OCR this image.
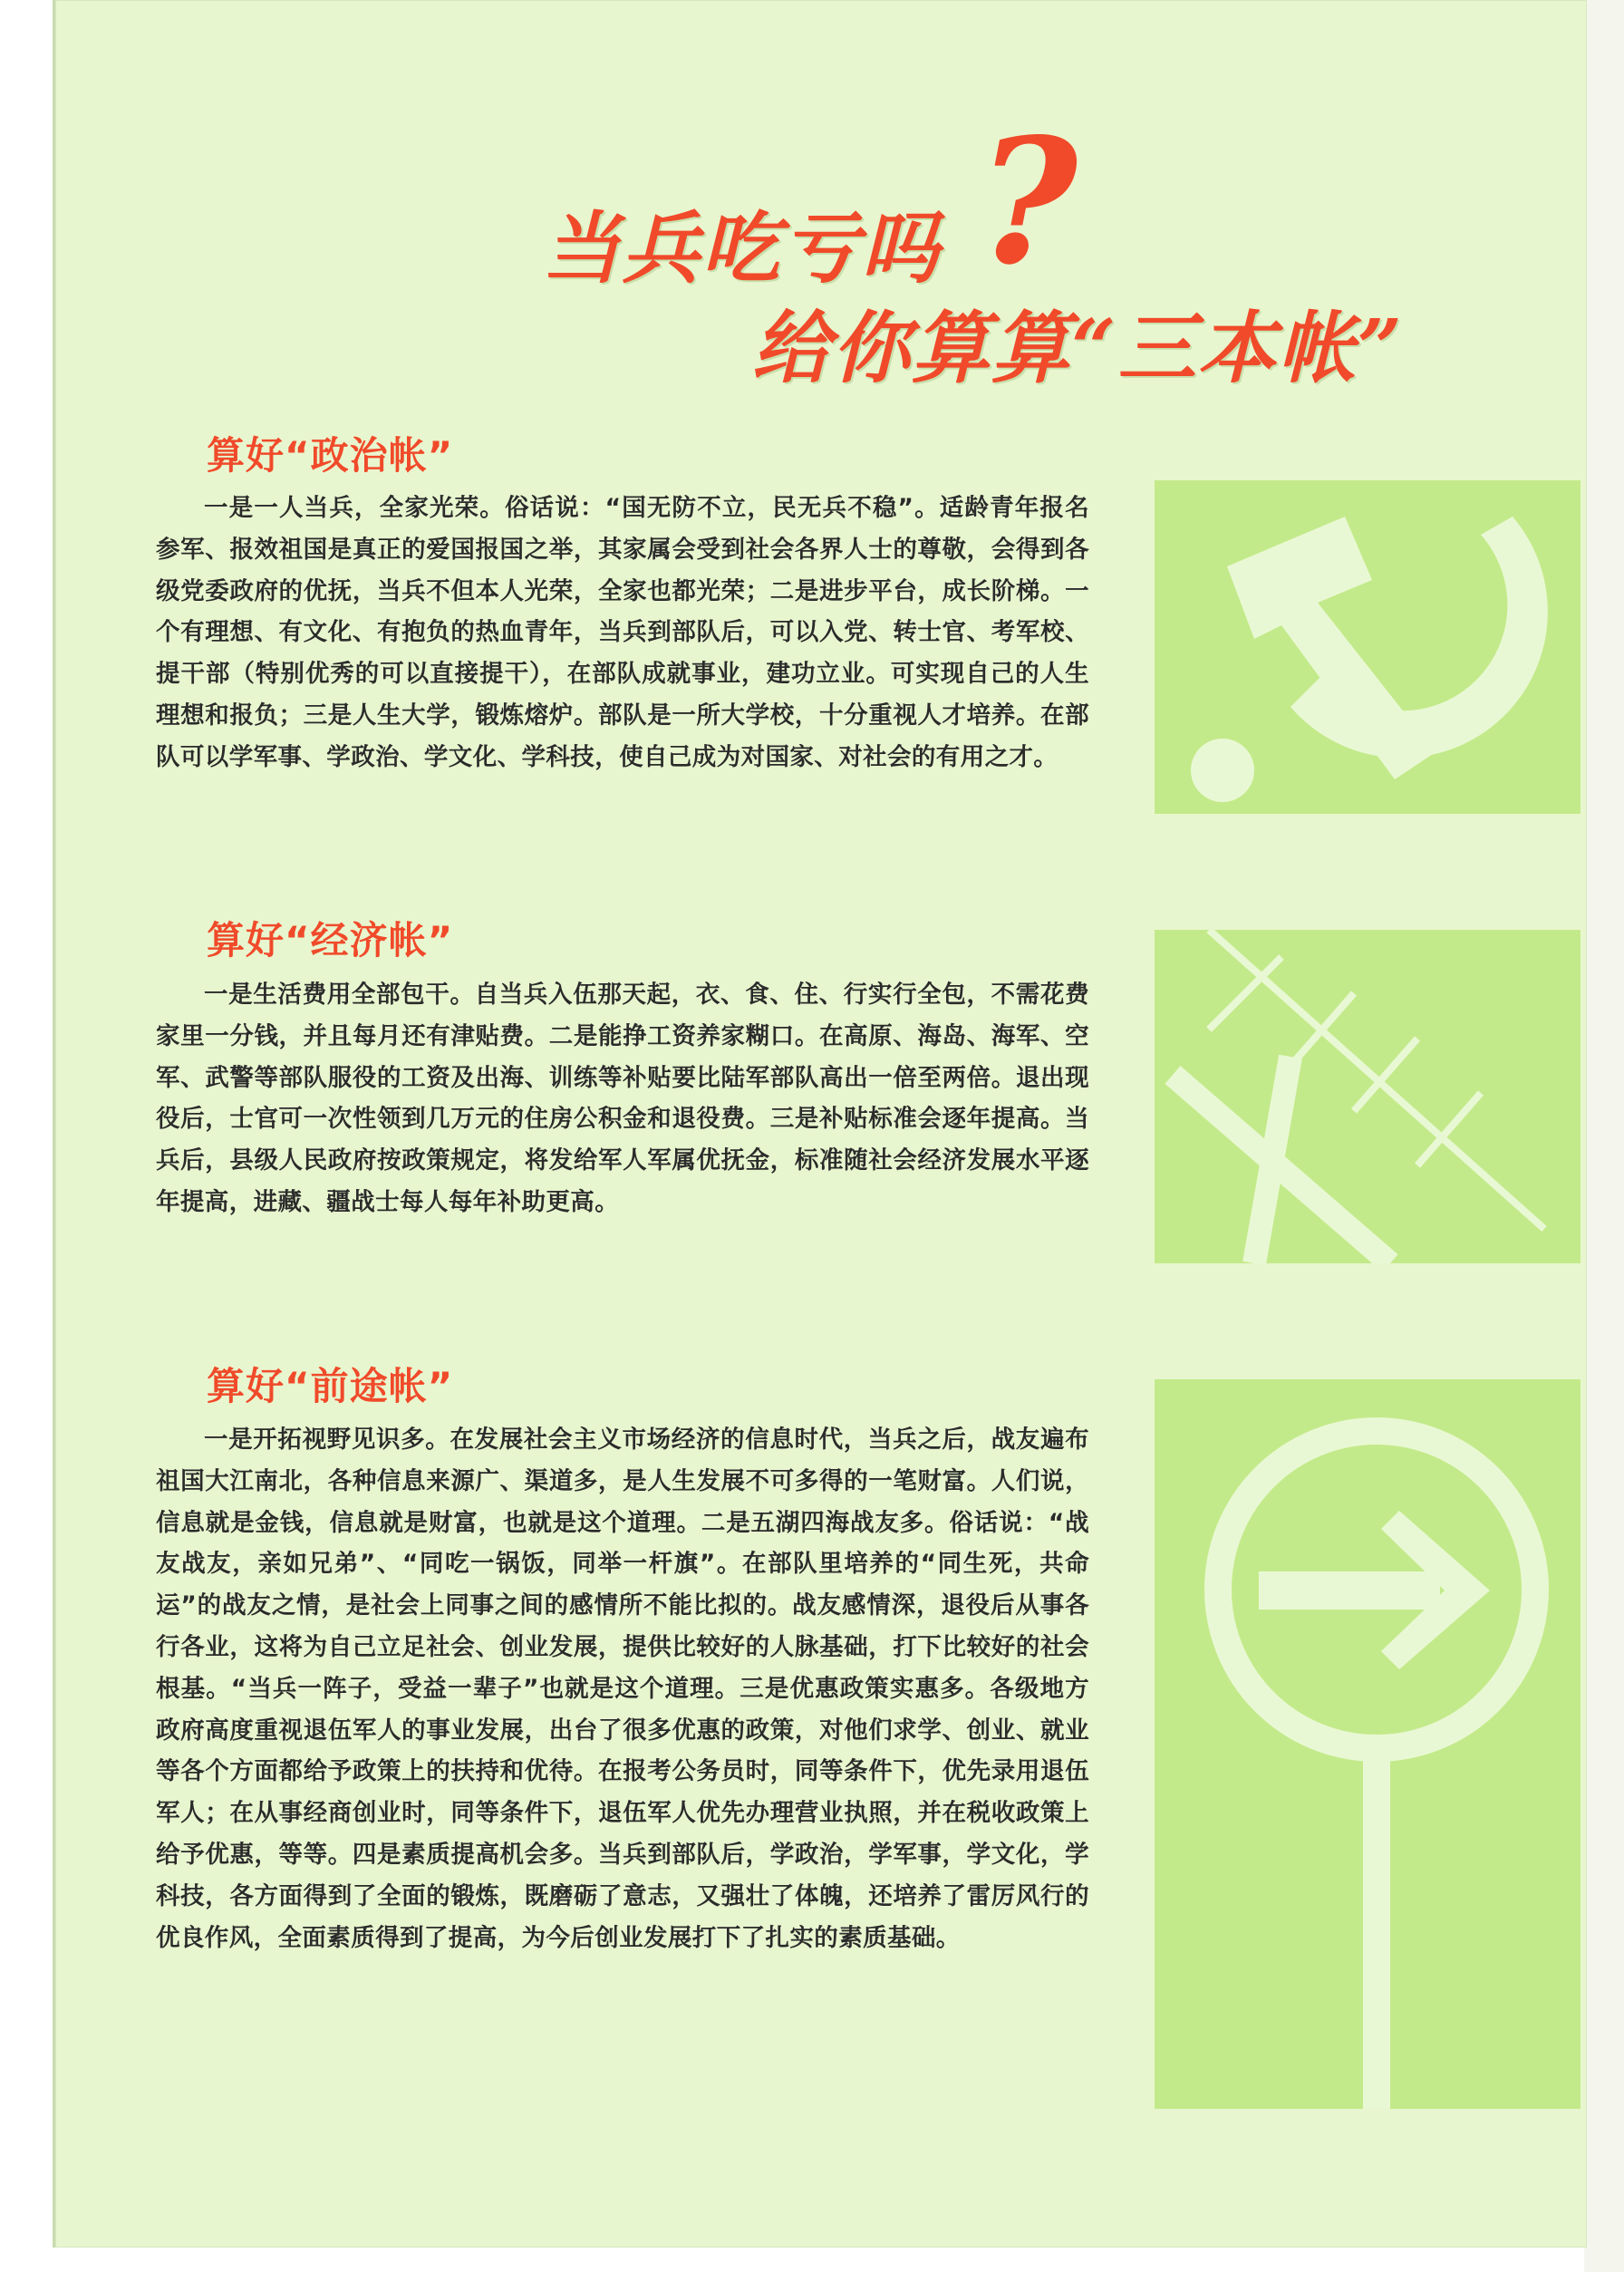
当兵吃亏吗 ?
给你算算“三本帐”
算好“政治帐”
一是一人当兵，全家光荣。俗话说：“国无防不立，民无兵不稳”。适龄青年报名参军、报效祖国是真正的爱国报国之举，其家属会受到社会各界人士的尊敬，会得到各级党委政府的优抚，当兵不但本人光荣，全家也都光荣；二是进步平台，成长阶梯。一个有理想、有文化、有抱负的热血青年，当兵到部队后，可以入党、转士官、考军校、提干部（特别优秀的可以直接提干），在部队成就事业，建功立业。可实现自己的人生理想和报负；三是人生大学，锻炼熔炉。部队是一所大学校，十分重视人才培养。在部队可以学军事、学政治、学文化、学科技，使自己成为对国家、对社会的有用之才。
算好“经济帐”
一是生活费用全部包干。自当兵入伍那天起，衣、食、住、行实行全包，不需花费家里一分钱，并且每月还有津贴费。二是能挣工资养家糊口。在高原、海岛、海军、空军、武警等部队服役的工资及出海、训练等补贴要比陆军部队高出一倍至两倍。退出现役后，士官可一次性领到几万元的住房公积金和退役费。三是补贴标准会逐年提高。当兵后，县级人民政府按政策规定，将发给军人军属优抚金，标准随社会经济发展水平逐年提高，进藏、疆战士每人每年补助更高。
算好“前途帐”
一是开拓视野见识多。在发展社会主义市场经济的信息时代，当兵之后，战友遍布祖国大江南北，各种信息来源广、渠道多，是人生发展不可多得的一笔财富。人们说，信息就是金钱，信息就是财富，也就是这个道理。二是五湖四海战友多。俗话说：“战友战友，亲如兄弟”、“同吃一锅饭，同举一杆旗”。在部队里培养的“同生死，共命运”的战友之情，是社会上同事之间的感情所不能比拟的。战友感情深，退役后从事各行各业，这将为自己立足社会、创业发展，提供比较好的人脉基础，打下比较好的社会根基。“当兵一阵子，受益一辈子”也就是这个道理。三是优惠政策实惠多。各级地方政府高度重视退伍军人的事业发展，出台了很多优惠的政策，对他们求学、创业、就业等各个方面都给予政策上的扶持和优待。在报考公务员时，同等条件下，优先录用退伍军人；在从事经商创业时，同等条件下，退伍军人优先办理营业执照，并在税收政策上给予优惠，等等。四是素质提高机会多。当兵到部队后，学政治，学军事，学文化，学科技，各方面得到了全面的锻炼，既磨砺了意志，又强壮了体魄，还培养了雷厉风行的优良作风，全面素质得到了提高，为今后创业发展打下了扎实的素质基础。
